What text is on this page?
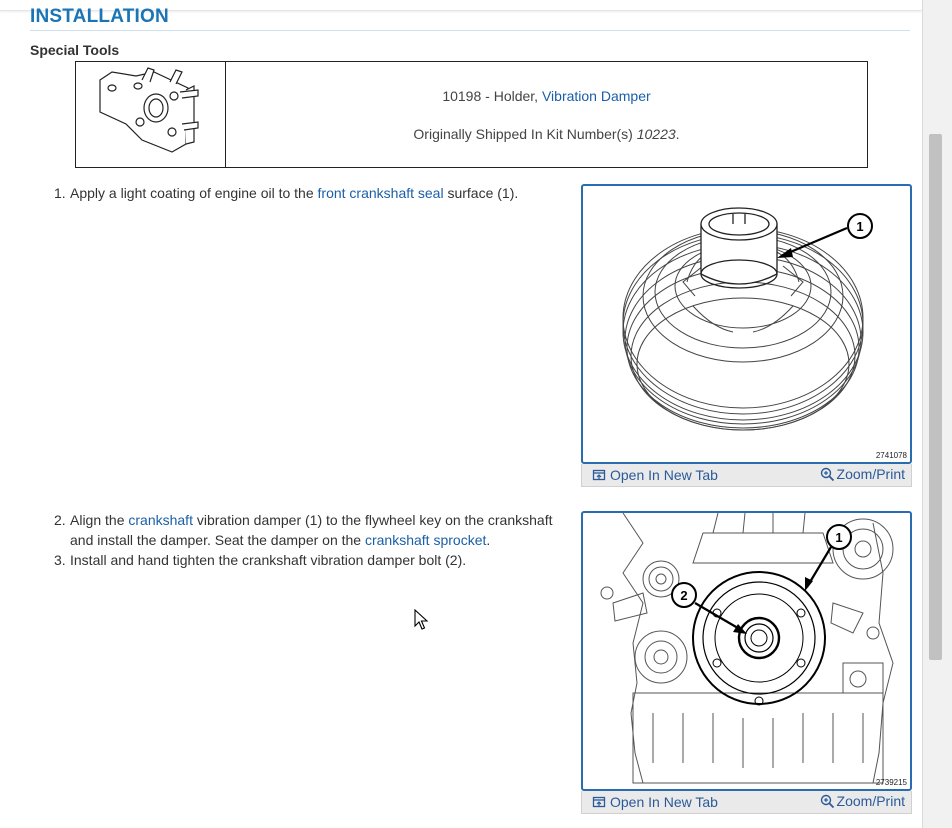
INSTALLATION
Special Tools

10198 - Holder, Vibration Damper
Originally Shipped In Kit Number(s) 10223.
1. Apply a light coating of engine oil to the front crankshaft seal surface (1).
2. Align the crankshaft vibration damper (1) to the flywheel key on the crankshaft and install the damper. Seat the damper on the crankshaft sprocket.
3. Install and hand tighten the crankshaft vibration damper bolt (2).
1
2741078
Open In New Tab	Zoom/Print
1
2
2739215
Open In New Tab	Zoom/Print
